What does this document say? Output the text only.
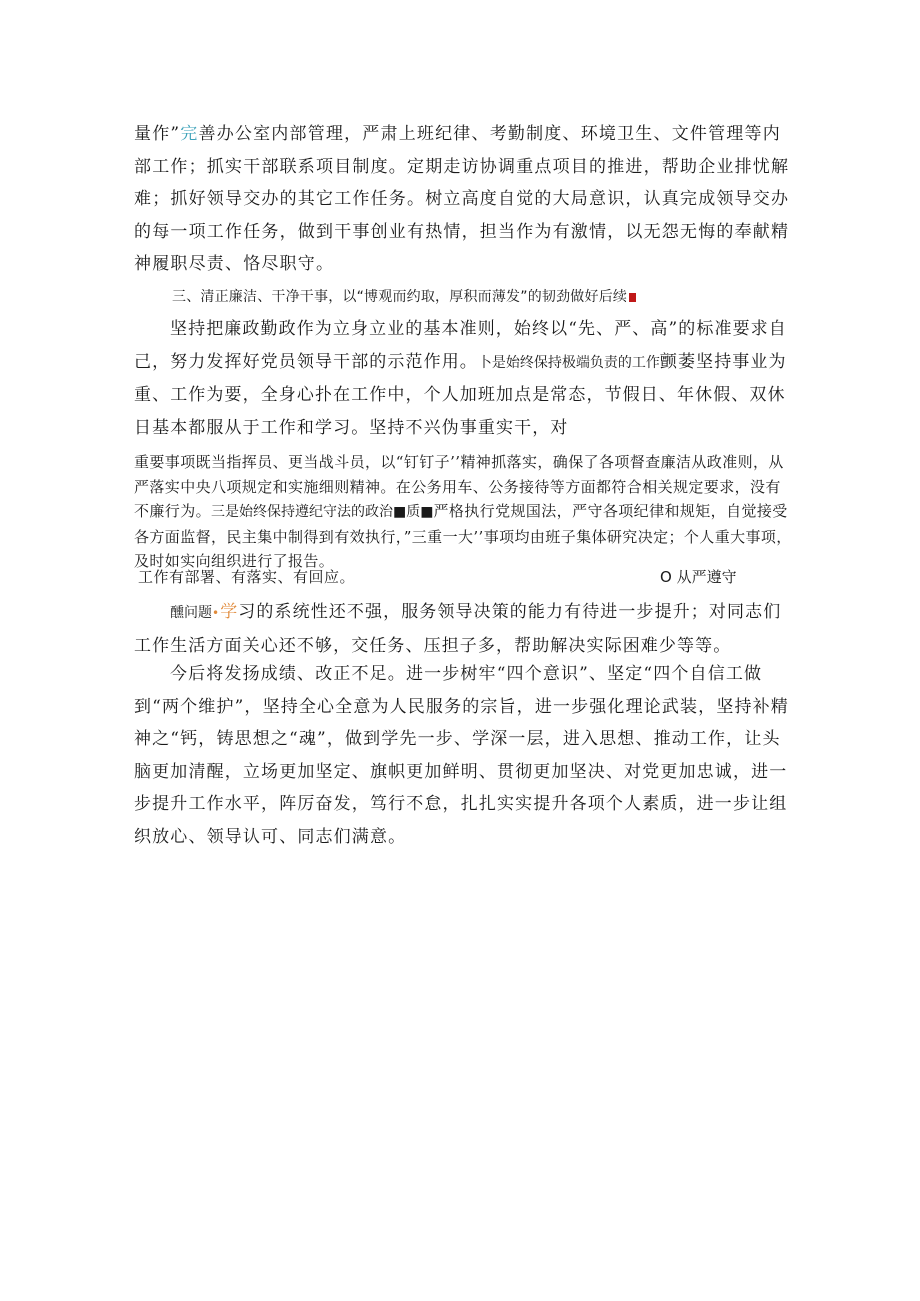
量作”完善办公室内部管理，严肃上班纪律、考勤制度、环境卫生、文件管理等内部工作；抓实干部联系项目制度。定期走访协调重点项目的推进，帮助企业排忧解难；抓好领导交办的其它工作任务。树立高度自觉的大局意识，认真完成领导交办的每一项工作任务，做到干事创业有热情，担当作为有激情，以无怨无悔的奉献精神履职尽责、恪尽职守。
三、清正廉洁、干净干事，以“博观而约取，厚积而薄发”的韧劲做好后续
坚持把廉政勤政作为立身立业的基本准则，始终以“先、严、高”的标准要求自己，努力发挥好党员领导干部的示范作用。卜是始终保持极端负责的工作颤萎坚持事业为重、工作为要，全身心扑在工作中，个人加班加点是常态，节假日、年休假、双休日基本都服从于工作和学习。坚持不兴伪事重实干，对
重要事项既当指挥员、更当战斗员，以“钉钉子’’精神抓落实，确保了各项督查廉洁从政准则，从严落实中央八项规定和实施细则精神。在公务用车、公务接待等方面都符合相关规定要求，没有不廉行为。三是始终保持遵纪守法的政治■质■严格执行党规国法，严守各项纪律和规矩，自觉接受各方面监督，民主集中制得到有效执行，”三重一大’’事项均由班子集体研究决定；个人重大事项，及时如实向组织进行了报告。
工作有部署、有落实、有回应。	O 从严遵守
醺问题•学习的系统性还不强，服务领导决策的能力有待进一步提升；对同志们工作生活方面关心还不够，交任务、压担子多，帮助解决实际困难少等等。
今后将发扬成绩、改正不足。进一步树牢“四个意识”、坚定“四个自信工做到“两个维护”，坚持全心全意为人民服务的宗旨，进一步强化理论武装，坚持补精神之“钙，铸思想之“魂”，做到学先一步、学深一层，进入思想、推动工作，让头脑更加清醒，立场更加坚定、旗帜更加鲜明、贯彻更加坚决、对党更加忠诚，进一步提升工作水平，阵厉奋发，笃行不怠，扎扎实实提升各项个人素质，进一步让组织放心、领导认可、同志们满意。
